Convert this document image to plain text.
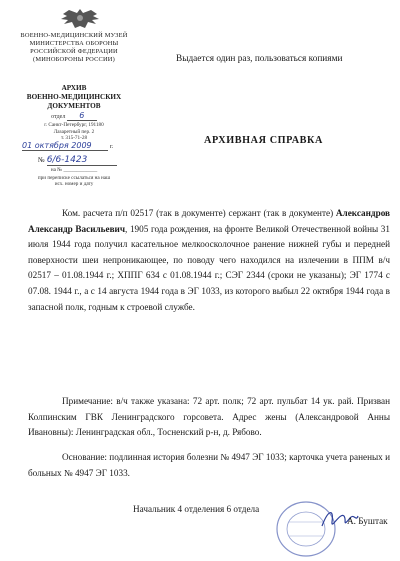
ВОЕННО-МЕДИЦИНСКИЙ МУЗЕЙ
МИНИСТЕРСТВА ОБОРОНЫ
РОССИЙСКОЙ ФЕДЕРАЦИИ
(МИНОБОРОНЫ РОССИИ)
АРХИВ
ВОЕННО-МЕДИЦИНСКИХ
ДОКУМЕНТОВ
отдел 6
г. Санкт-Петербург, 191180
Лазаретный пер. 2
т. 315-71-28
01 октября 2009	г.
№ 6/6-1423
на № _____________
при переписке ссылаться на наш
исх. номер и дату
Выдается один раз, пользоваться копиями
АРХИВНАЯ СПРАВКА

Ком. расчета п/п 02517 (так в документе) сержант (так в документе) Александров Александр Васильевич, 1905 года рождения, на фронте Великой Отечественной войны 31 июля 1944 года получил касательное мелкоосколочное ранение нижней губы и передней поверхности шеи непроникающее, по поводу чего находился на излечении в ППМ в/ч 02517 – 01.08.1944 г.; ХППГ 634 с 01.08.1944 г.; СЭГ 2344 (сроки не указаны); ЭГ 1774 с 07.08. 1944 г., а с 14 августа 1944 года в ЭГ 1033, из которого выбыл 22 октября 1944 года в запасной полк, годным к строевой службе.

Примечание: в/ч также указана: 72 арт. полк; 72 арт. пульбат 14 ук. рай. Призван Колпинским ГВК Ленинградского горсовета. Адрес жены (Александровой Анны Ивановны): Ленинградская обл., Тосненский р-н, д. Рябово.

Основание: подлинная история болезни № 4947 ЭГ 1033; карточка учета раненых и больных № 4947 ЭГ 1033.

Начальник 4 отделения 6 отдела
А. Буштак
